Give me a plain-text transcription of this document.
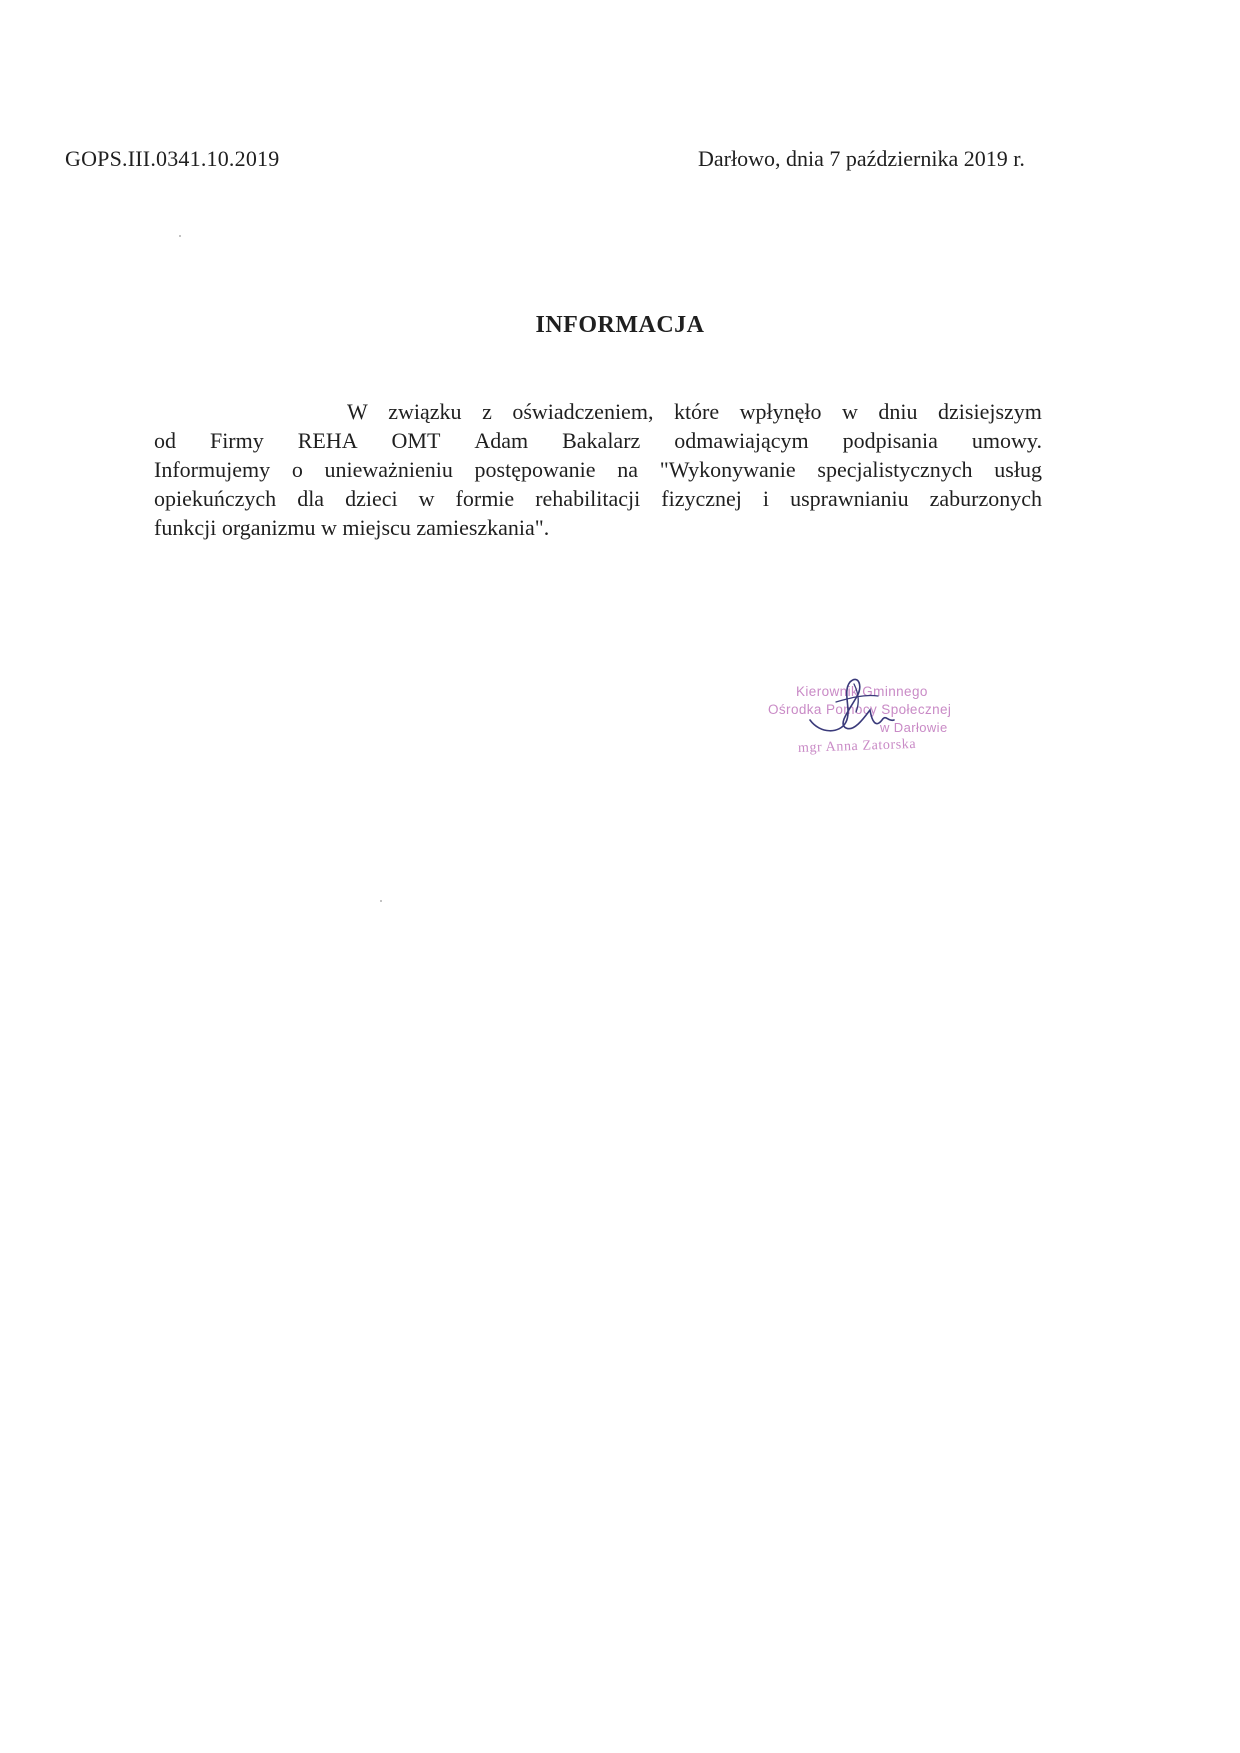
GOPS.III.0341.10.2019	Darłowo, dnia 7 października 2019 r.
INFORMACJA
W związku z oświadczeniem, które wpłynęło w dniu dzisiejszym
od Firmy REHA OMT Adam Bakalarz odmawiającym podpisania umowy.
Informujemy o unieważnieniu postępowanie na "Wykonywanie specjalistycznych usług
opiekuńczych dla dzieci w formie rehabilitacji fizycznej i usprawnianiu zaburzonych
funkcji organizmu w miejscu zamieszkania".
Kierownik Gminnego
Ośrodka Pomocy Społecznej
w Darłowie
mgr Anna Zatorska
